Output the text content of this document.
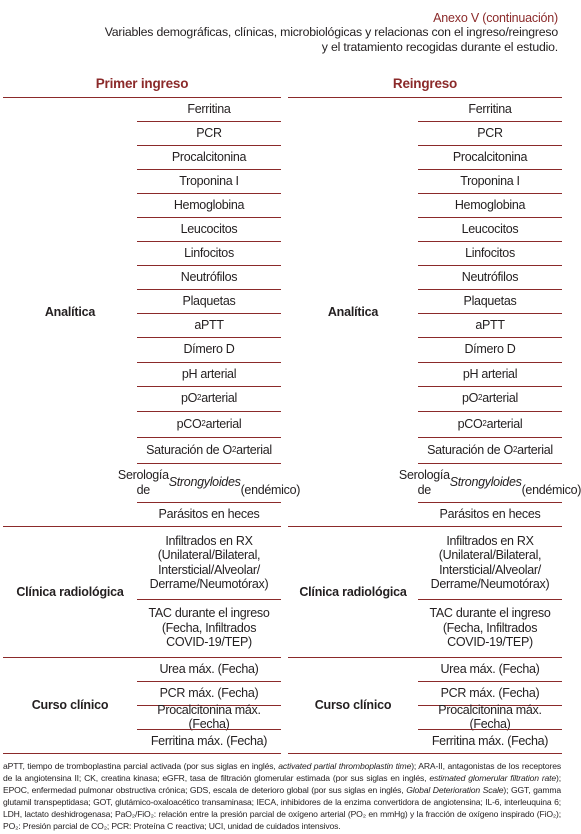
Anexo V (continuación)
Variables demográficas, clínicas, microbiológicas y relacionas con el ingreso/reingreso
y el tratamiento recogidas durante el estudio.
Primer ingreso
Analítica
Ferritina
PCR
Procalcitonina
Troponina I
Hemoglobina
Leucocitos
Linfocitos
Neutrófilos
Plaquetas
aPTT
Dímero D
pH arterial
pO 2 arterial
pCO 2 arterial
Saturación de O 2 arterial
Serología de
Strongyloides

(endémico)
Parásitos en heces
Clínica radiológica
Infiltrados en RX
(Unilateral/Bilateral,
Intersticial/Alveolar/
Derrame/Neumotórax)
TAC durante el ingreso
(Fecha, Infiltrados
COVID-19/TEP)
Curso clínico
Urea máx. (Fecha)
PCR máx. (Fecha)
Procalcitonina máx. (Fecha)
Ferritina máx. (Fecha)
Reingreso
Analítica
Ferritina
PCR
Procalcitonina
Troponina I
Hemoglobina
Leucocitos
Linfocitos
Neutrófilos
Plaquetas
aPTT
Dímero D
pH arterial
pO 2 arterial
pCO 2 arterial
Saturación de O 2 arterial
Serología de
Strongyloides

(endémico)
Parásitos en heces
Clínica radiológica
Infiltrados en RX
(Unilateral/Bilateral,
Intersticial/Alveolar/
Derrame/Neumotórax)
TAC durante el ingreso
(Fecha, Infiltrados
COVID-19/TEP)
Curso clínico
Urea máx. (Fecha)
PCR máx. (Fecha)
Procalcitonina máx. (Fecha)
Ferritina máx. (Fecha)
aPTT, tiempo de tromboplastina parcial activada (por sus siglas en inglés, activated partial thromboplastin time); ARA-II, antagonistas de los receptores de la angiotensina II; CK, creatina kinasa; eGFR, tasa de filtración glomerular estimada (por sus siglas en inglés, estimated glomerular filtration rate); EPOC, enfermedad pulmonar obstructiva crónica; GDS, escala de deterioro global (por sus siglas en inglés, Global Deterioration Scale); GGT, gamma glutamil transpeptidasa; GOT, glutámico-oxaloacético transaminasa; IECA, inhibidores de la enzima convertidora de angiotensina; IL-6, interleuquina 6; LDH, lactato deshidrogenasa; PaO₂/FiO₂: relación entre la presión parcial de oxígeno arterial (PO₂ en mmHg) y la fracción de oxígeno inspirado (FiO₂); PO₂: Presión parcial de CO₂; PCR: Proteína C reactiva; UCI, unidad de cuidados intensivos.
